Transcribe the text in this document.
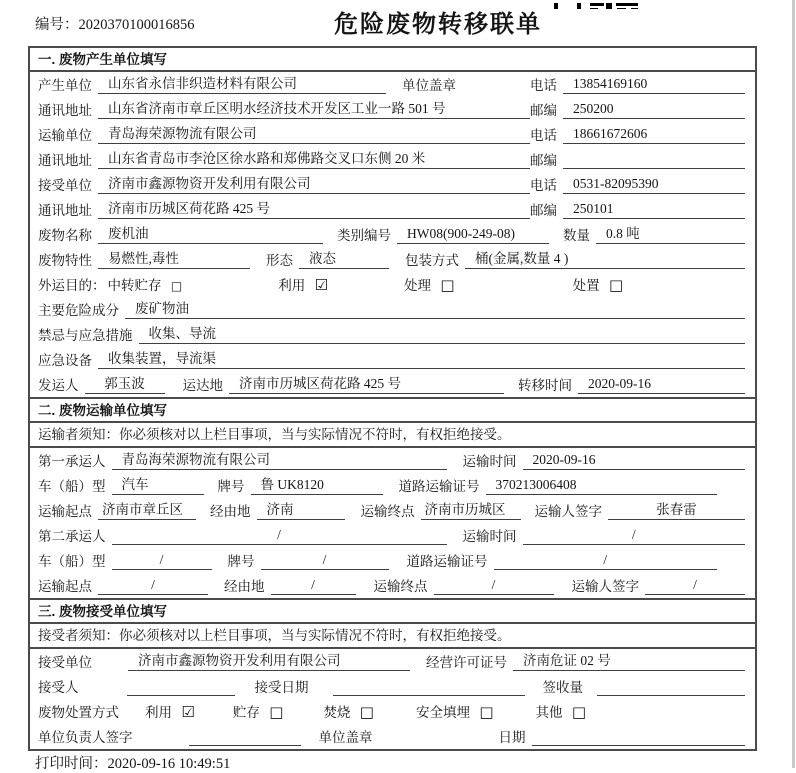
编号：2020370100016856	危险废物转移联单
一. 废物产生单位填写
产生单位	山东省永信非织造材料有限公司	单位盖章	电话	13854169160
通讯地址	山东省济南市章丘区明水经济技术开发区工业一路 501 号	邮编	250200
运输单位	青岛海荣源物流有限公司	电话	18661672606
通讯地址	山东省青岛市李沧区徐水路和郑佛路交叉口东侧 20 米	邮编
接受单位	济南市鑫源物资开发利用有限公司	电话	0531-82095390
通讯地址	济南市历城区荷花路 425 号	邮编	250101
废物名称	废机油	类别编号	HW08(900-249-08)	数量	0.8 吨
废物特性	易燃性,毒性	形态	液态	包装方式	桶(金属,数量 4 )
外运目的： 中转贮存 □	利用 ☑	处理 □	处置 □
主要危险成分	废矿物油
禁忌与应急措施	收集、导流
应急设备	收集装置，导流渠
发运人	郭玉波	运达地	济南市历城区荷花路 425 号	转移时间	2020-09-16
二. 废物运输单位填写
运输者须知：你必须核对以上栏目事项，当与实际情况不符时，有权拒绝接受。
第一承运人	青岛海荣源物流有限公司	运输时间	2020-09-16
车（船）型	汽车	牌号	鲁 UK8120	道路运输证号	370213006408
运输起点 济南市章丘区	经由地	济南	运输终点 济南市历城区	运输人签字	张春雷
第二承运人	/	运输时间	/
车（船）型	/	牌号	/	道路运输证号	/
运输起点	/	经由地	/	运输终点	/	运输人签字	/
三. 废物接受单位填写
接受者须知：你必须核对以上栏目事项，当与实际情况不符时，有权拒绝接受。
接受单位	济南市鑫源物资开发利用有限公司	经营许可证号	济南危证 02 号
接受人	接受日期	签收量
废物处置方式 利用 ☑	贮存 □	焚烧 □	安全填埋 □	其他 □
单位负责人签字	单位盖章	日期
打印时间：2020-09-16 10:49:51
